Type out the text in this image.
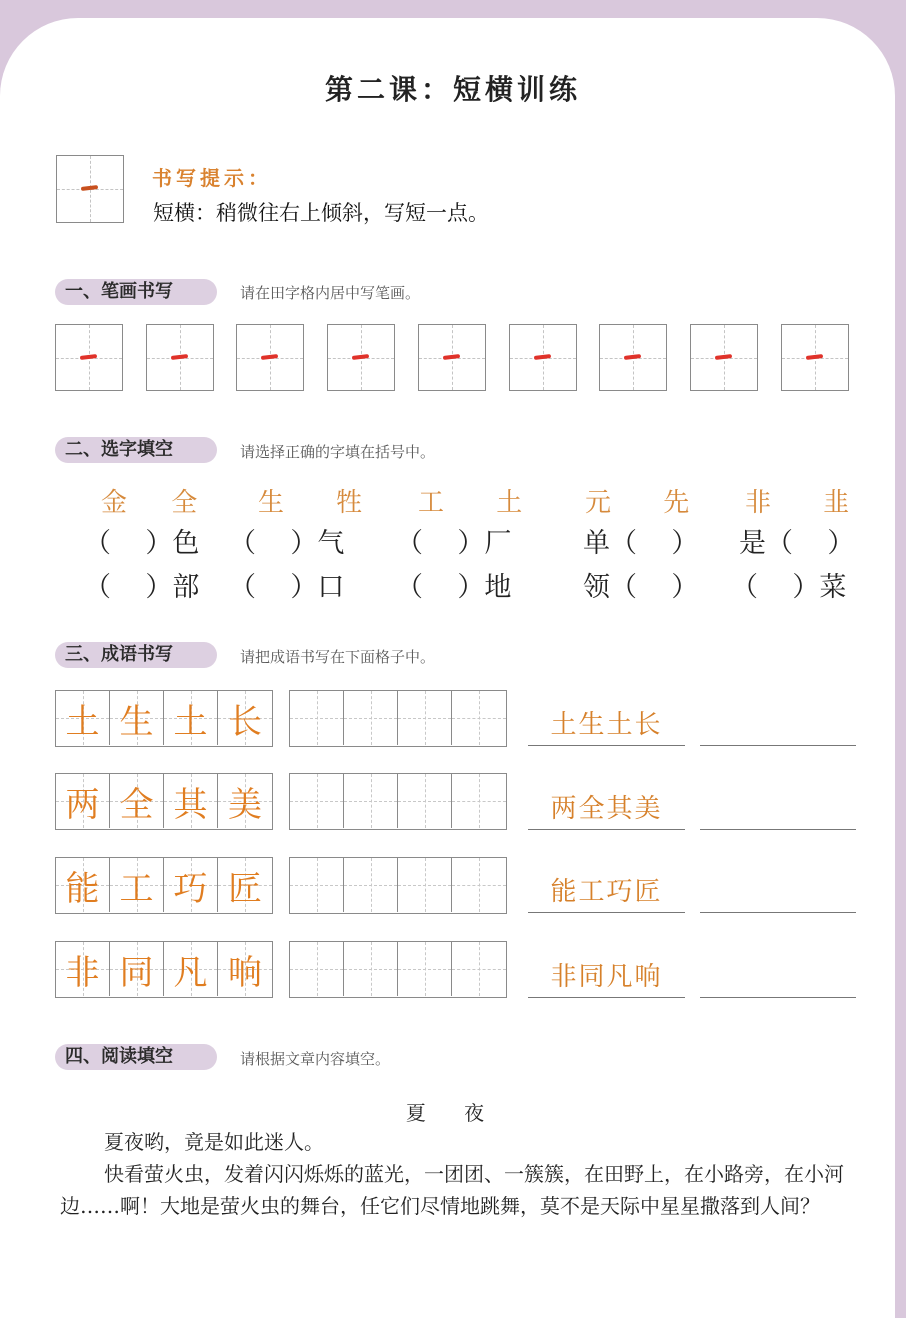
第二课：短横训练
书写提示：
短横：稍微往右上倾斜，写短一点。
一、笔画书写	请在田字格内居中写笔画。
二、选字填空	请选择正确的字填在括号中。
金 全 生 牲 工 土 元 先 非 韭
（    ）色 （    ）气 （    ）厂	单（    ） 是（    ）
（    ）部 （    ）口 （    ）地	领（    ） （    ）菜
三、成语书写	请把成语书写在下面格子中。
土 生 土 长	土生土长
两 全 其 美	两全其美
能 工 巧 匠	能工巧匠
非 同 凡 响	非同凡响
四、阅读填空	请根据文章内容填空。
夏 夜
夏夜哟，竟是如此迷人。
快看萤火虫，发着闪闪烁烁的蓝光，一团团、一簇簇，在田野上，在小路旁，在小河边……啊！大地是萤火虫的舞台，任它们尽情地跳舞，莫不是天际中星星撒落到人间？
